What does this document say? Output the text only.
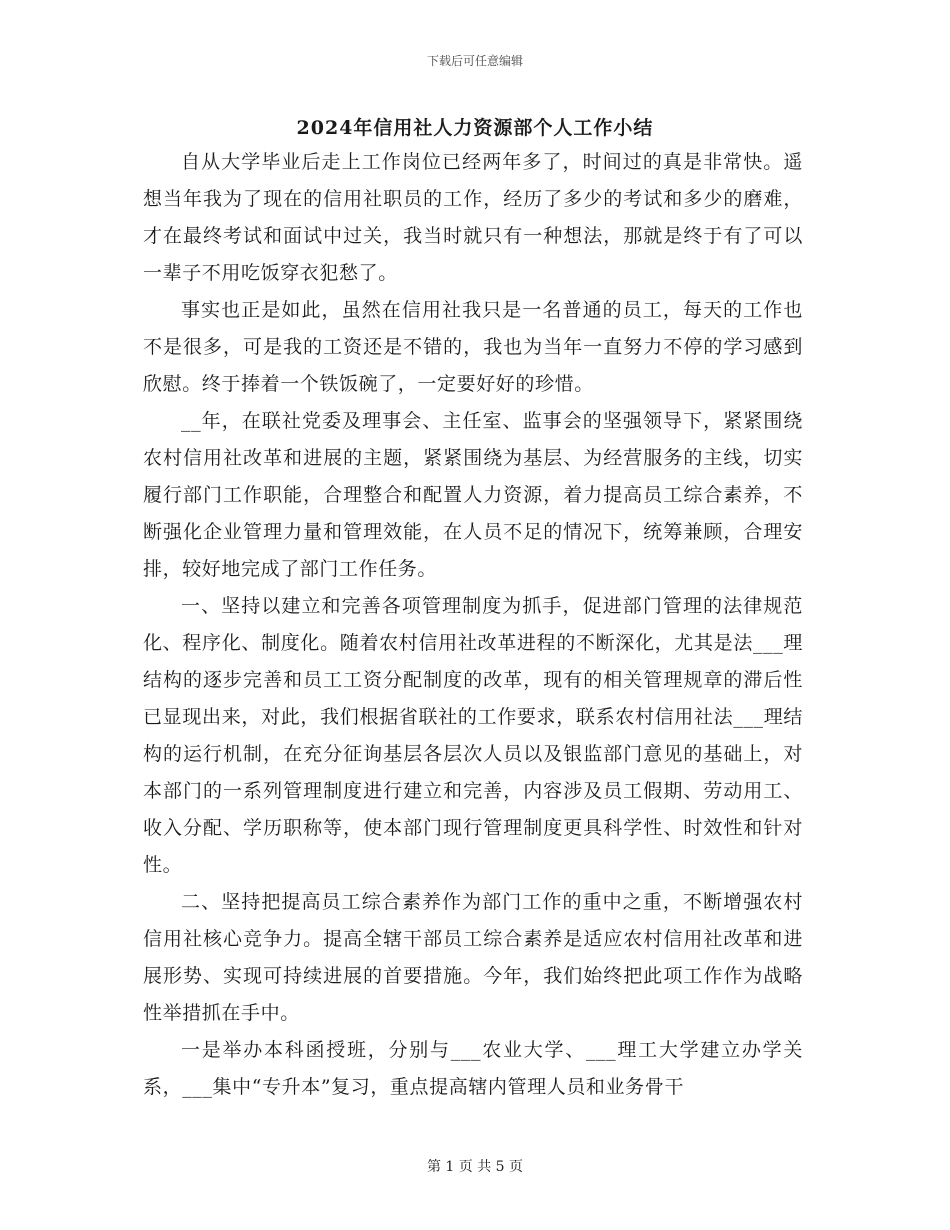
下载后可任意编辑
2024年信用社人力资源部个人工作小结

自从大学毕业后走上工作岗位已经两年多了，时间过的真是非常快。遥想当年我为了现在的信用社职员的工作，经历了多少的考试和多少的磨难，才在最终考试和面试中过关，我当时就只有一种想法，那就是终于有了可以一辈子不用吃饭穿衣犯愁了。

事实也正是如此，虽然在信用社我只是一名普通的员工，每天的工作也不是很多，可是我的工资还是不错的，我也为当年一直努力不停的学习感到欣慰。终于捧着一个铁饭碗了，一定要好好的珍惜。

__年，在联社党委及理事会、主任室、监事会的坚强领导下，紧紧围绕农村信用社改革和进展的主题，紧紧围绕为基层、为经营服务的主线，切实履行部门工作职能，合理整合和配置人力资源，着力提高员工综合素养，不断强化企业管理力量和管理效能，在人员不足的情况下，统筹兼顾，合理安排，较好地完成了部门工作任务。

一、坚持以建立和完善各项管理制度为抓手，促进部门管理的法律规范化、程序化、制度化。随着农村信用社改革进程的不断深化，尤其是法___理结构的逐步完善和员工工资分配制度的改革，现有的相关管理规章的滞后性已显现出来，对此，我们根据省联社的工作要求，联系农村信用社法___理结构的运行机制，在充分征询基层各层次人员以及银监部门意见的基础上，对本部门的一系列管理制度进行建立和完善，内容涉及员工假期、劳动用工、收入分配、学历职称等，使本部门现行管理制度更具科学性、时效性和针对性。

二、坚持把提高员工综合素养作为部门工作的重中之重，不断增强农村信用社核心竞争力。提高全辖干部员工综合素养是适应农村信用社改革和进展形势、实现可持续进展的首要措施。今年，我们始终把此项工作作为战略性举措抓在手中。

一是举办本科函授班，分别与___农业大学、___理工大学建立办学关系，___集中“专升本”复习，重点提高辖内管理人员和业务骨干

第 1 页 共 5 页
